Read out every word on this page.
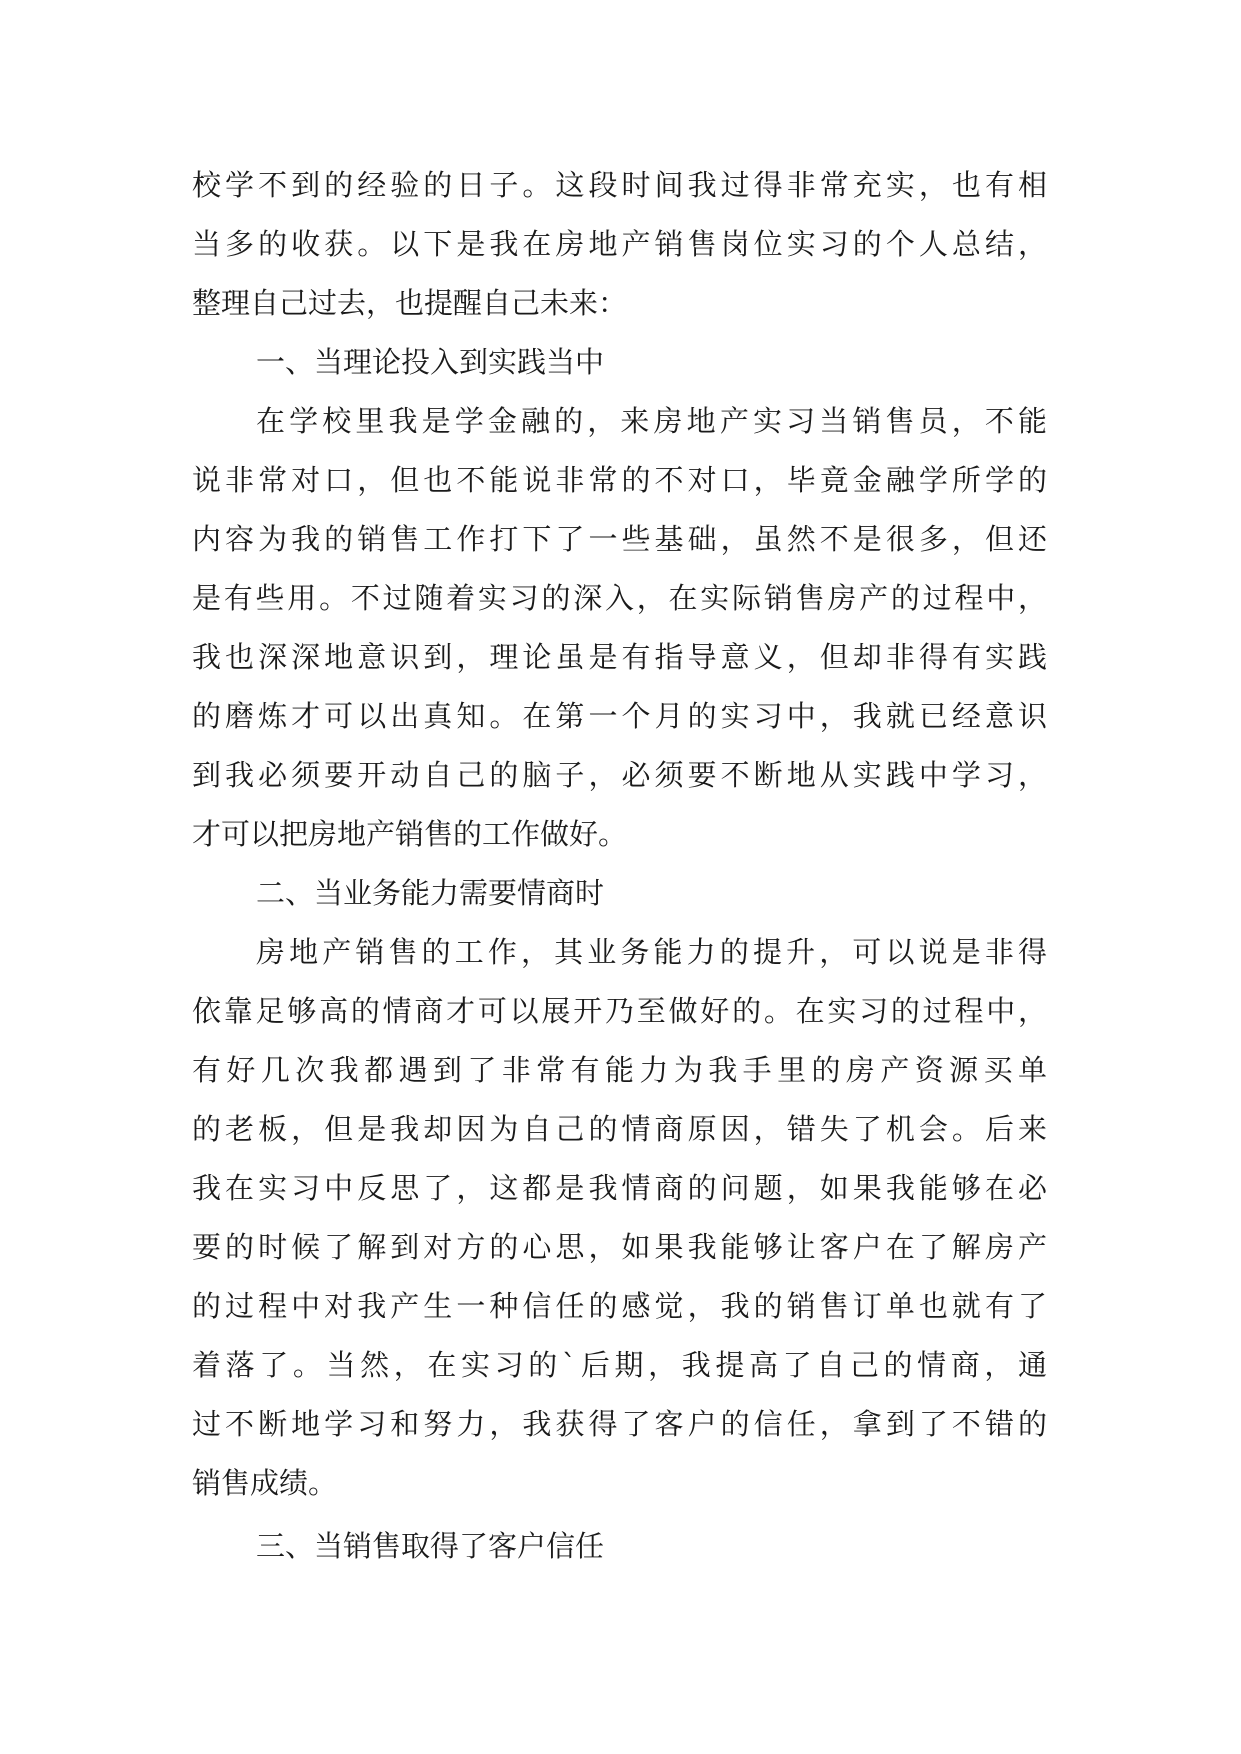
校学不到的经验的日子。这段时间我过得非常充实，也有相
当多的收获。以下是我在房地产销售岗位实习的个人总结，
整理自己过去，也提醒自己未来：
一、当理论投入到实践当中
在学校里我是学金融的，来房地产实习当销售员，不能
说非常对口，但也不能说非常的不对口，毕竟金融学所学的
内容为我的销售工作打下了一些基础，虽然不是很多，但还
是有些用。不过随着实习的深入，在实际销售房产的过程中，
我也深深地意识到，理论虽是有指导意义，但却非得有实践
的磨炼才可以出真知。在第一个月的实习中，我就已经意识
到我必须要开动自己的脑子，必须要不断地从实践中学习，
才可以把房地产销售的工作做好。
二、当业务能力需要情商时
房地产销售的工作，其业务能力的提升，可以说是非得
依靠足够高的情商才可以展开乃至做好的。在实习的过程中，
有好几次我都遇到了非常有能力为我手里的房产资源买单
的老板，但是我却因为自己的情商原因，错失了机会。后来
我在实习中反思了，这都是我情商的问题，如果我能够在必
要的时候了解到对方的心思，如果我能够让客户在了解房产
的过程中对我产生一种信任的感觉，我的销售订单也就有了
着落了。当然，在实习的`后期，我提高了自己的情商，通
过不断地学习和努力，我获得了客户的信任，拿到了不错的
销售成绩。
三、当销售取得了客户信任
